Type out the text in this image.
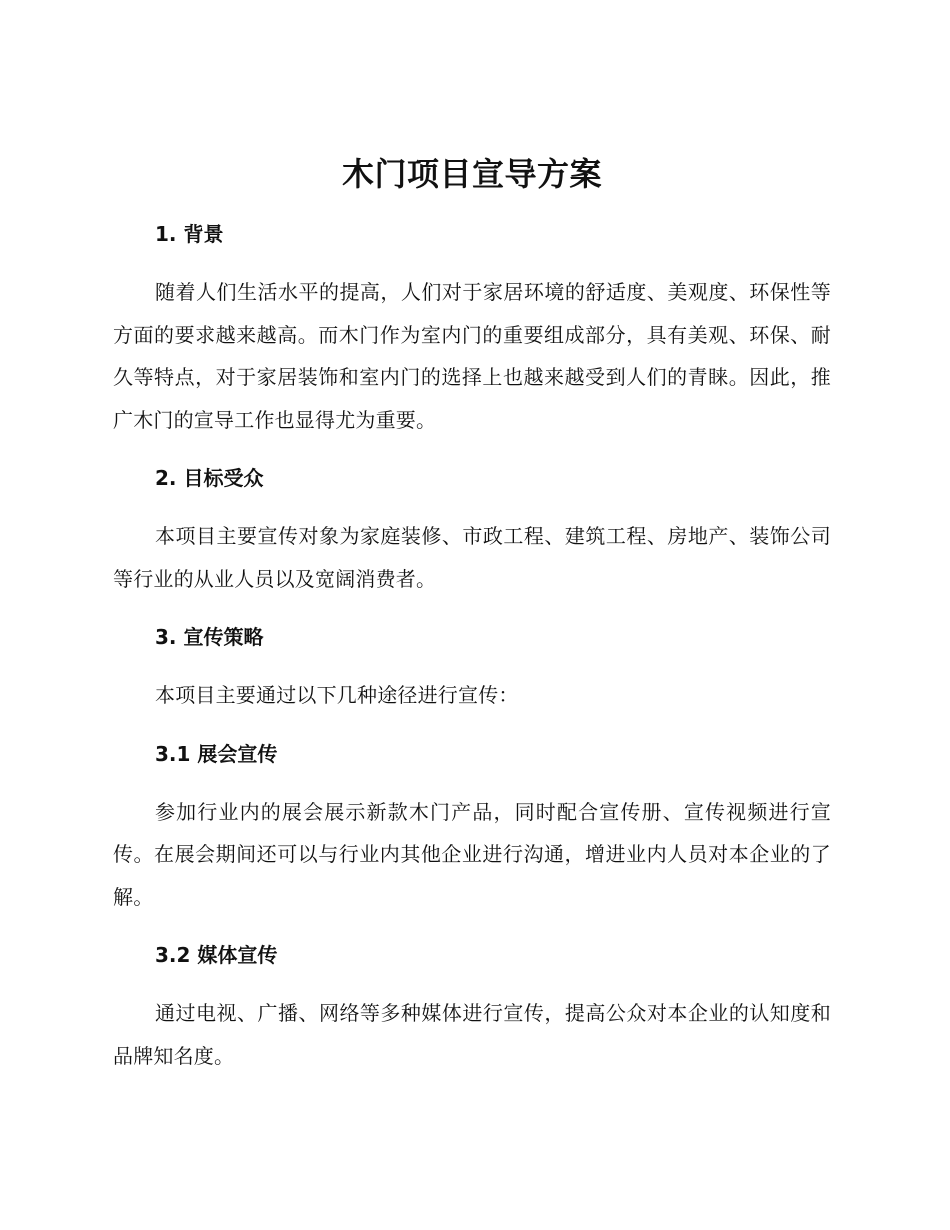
木门项目宣导方案
1. 背景

随着人们生活水平的提高，人们对于家居环境的舒适度、美观度、环保性等方面的要求越来越高。而木门作为室内门的重要组成部分，具有美观、环保、耐久等特点，对于家居装饰和室内门的选择上也越来越受到人们的青睐。因此，推广木门的宣导工作也显得尤为重要。

2. 目标受众

本项目主要宣传对象为家庭装修、市政工程、建筑工程、房地产、装饰公司等行业的从业人员以及宽阔消费者。

3. 宣传策略

本项目主要通过以下几种途径进行宣传：

3.1 展会宣传

参加行业内的展会展示新款木门产品，同时配合宣传册、宣传视频进行宣传。在展会期间还可以与行业内其他企业进行沟通，增进业内人员对本企业的了解。

3.2 媒体宣传

通过电视、广播、网络等多种媒体进行宣传，提高公众对本企业的认知度和品牌知名度。
